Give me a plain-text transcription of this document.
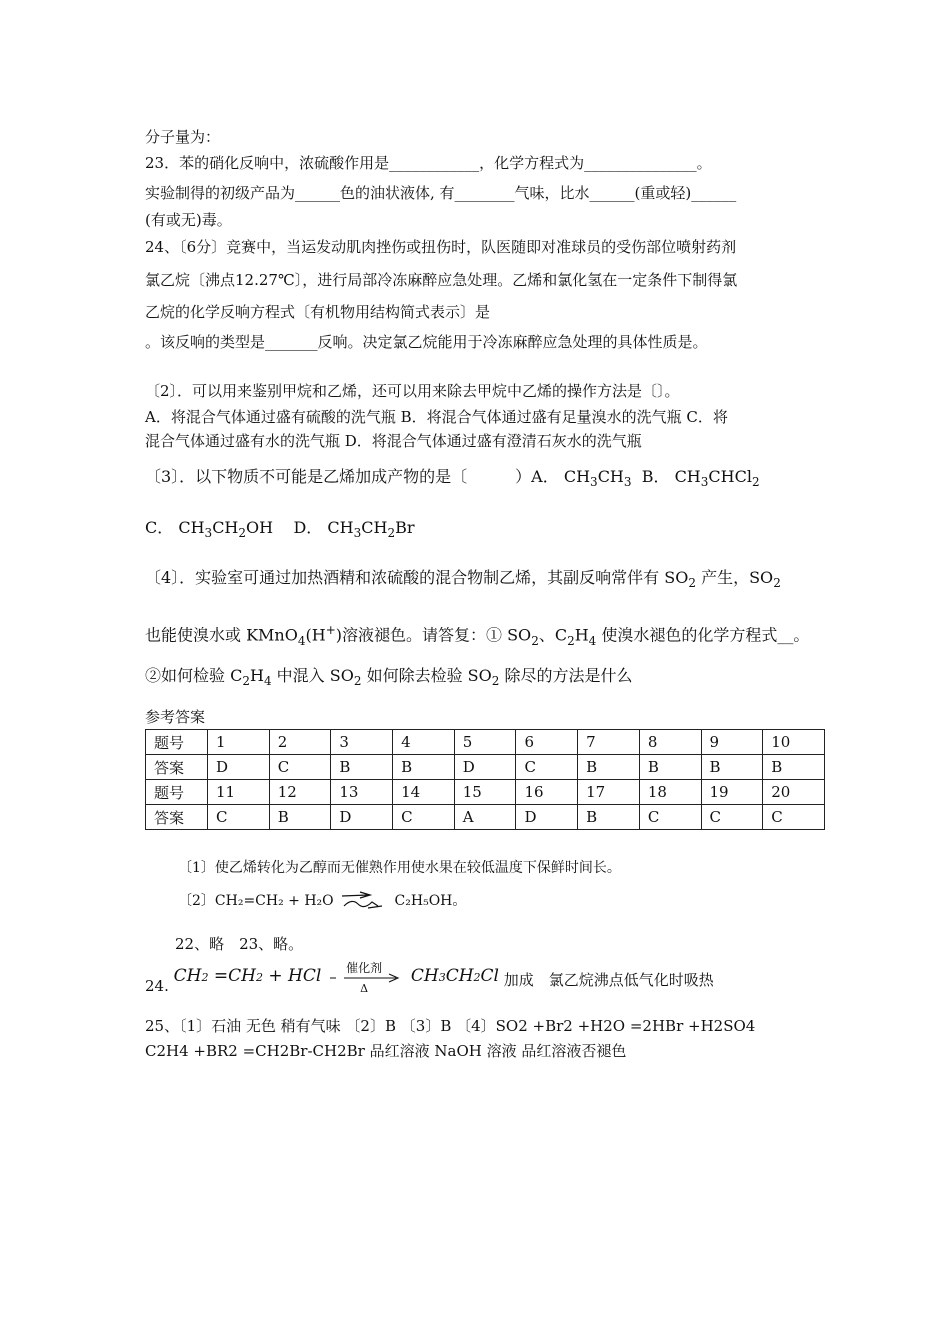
分子量为：
23．苯的硝化反响中，浓硫酸作用是____________，化学方程式为_______________。
实验制得的初级产品为______色的油状液体, 有________气味，比水______(重或轻)______
(有或无)毒。
24、〔6分〕竞赛中，当运发动肌肉挫伤或扭伤时，队医随即对准球员的受伤部位喷射药剂
氯乙烷〔沸点12.27℃〕，进行局部冷冻麻醉应急处理。乙烯和氯化氢在一定条件下制得氯
乙烷的化学反响方程式〔有机物用结构简式表示〕是
。该反响的类型是_______反响。决定氯乙烷能用于冷冻麻醉应急处理的具体性质是。
〔2〕．可以用来鉴别甲烷和乙烯，还可以用来除去甲烷中乙烯的操作方法是〔〕。
A．将混合气体通过盛有硫酸的洗气瓶 B．将混合气体通过盛有足量溴水的洗气瓶 C．将
混合气体通过盛有水的洗气瓶 D．将混合气体通过盛有澄清石灰水的洗气瓶
〔3〕．以下物质不可能是乙烯加成产物的是〔　　　）A． $CH_3CH_3$ B． $CH_3CHCl_2$
C． $CH_3CH_2OH$ D． $CH_3CH_2Br$
〔4〕．实验室可通过加热酒精和浓硫酸的混合物制乙烯，其副反响常伴有 $SO_2$ 产生，$SO_2$
也能使溴水或 KMnO$_4$(H+)溶液褪色。请答复：① $SO_2$、$C_2H_4$ 使溴水褪色的化学方程式__。
②如何检验 $C_2H_4$ 中混入 $SO_2$ 如何除去检验 $SO_2$ 除尽的方法是什么
参考答案
题号	1	2	3	4	5	6	7	8	9	10
答案	D	C	B	B	D	C	B	B	B	B
题号	11	12	13	14	15	16	17	18	19	20
答案	C	B	D	C	A	D	B	C	C	C
〔1〕使乙烯转化为乙醇而无催熟作用使水果在较低温度下保鲜时间长。
〔2〕CH₂=CH₂ + H₂O	C₂H₅OH。
22、略　23、略。
24. CH2 =CH2 + HCl 催化剂
Δ
CH3CH2Cl 加成　氯乙烷沸点低气化时吸热
25、〔1〕石油 无色 稍有气味 〔2〕B 〔3〕B 〔4〕SO2 +Br2 +H2O =2HBr +H2SO4
C2H4 +BR2 =CH2Br-CH2Br 品红溶液 NaOH 溶液 品红溶液否褪色
